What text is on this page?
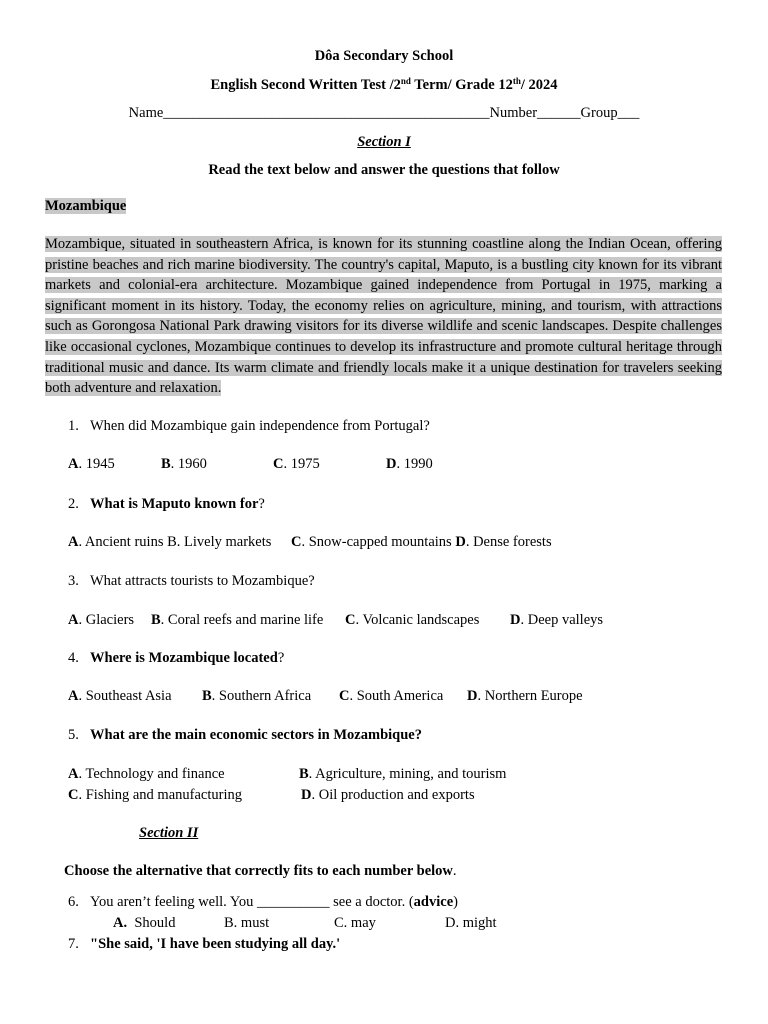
Dôa Secondary School
English Second Written Test /2nd Term/ Grade 12th/ 2024
Name_____________________________________________Number______Group___
Section I
Read the text below and answer the questions that follow
Mozambique
Mozambique, situated in southeastern Africa, is known for its stunning coastline along the Indian Ocean, offering pristine beaches and rich marine biodiversity. The country's capital, Maputo, is a bustling city known for its vibrant markets and colonial-era architecture. Mozambique gained independence from Portugal in 1975, marking a significant moment in its history. Today, the economy relies on agriculture, mining, and tourism, with attractions such as Gorongosa National Park drawing visitors for its diverse wildlife and scenic landscapes. Despite challenges like occasional cyclones, Mozambique continues to develop its infrastructure and promote cultural heritage through traditional music and dance. Its warm climate and friendly locals make it a unique destination for travelers seeking both adventure and relaxation.
1. When did Mozambique gain independence from Portugal?
A. 1945	B. 1960	C. 1975	D. 1990
2. What is Maputo known for?
A. Ancient ruins B. Lively markets C. Snow-capped mountains D. Dense forests
3. What attracts tourists to Mozambique?
A. Glaciers B. Coral reefs and marine life C. Volcanic landscapes D. Deep valleys
4. Where is Mozambique located?
A. Southeast Asia B. Southern Africa C. South America D. Northern Europe
5. What are the main economic sectors in Mozambique?
A. Technology and finance	B. Agriculture, mining, and tourism
C. Fishing and manufacturing	D. Oil production and exports
Section II
Choose the alternative that correctly fits to each number below.
6. You aren’t feeling well. You __________ see a doctor. (advice)
A. Should	B. must	C. may	D. might
7. "She said, 'I have been studying all day.'
